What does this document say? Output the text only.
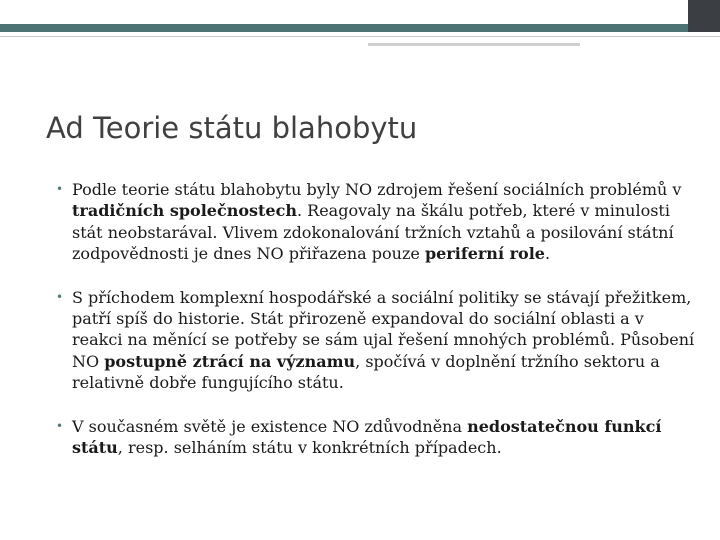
Ad Teorie státu blahobytu
• Podle teorie státu blahobytu byly NO zdrojem řešení sociálních problémů v tradičních společnostech. Reagovaly na škálu potřeb, které v minulosti stát neobstarával. Vlivem zdokonalování tržních vztahů a posilování státní zodpovědnosti je dnes NO přiřazena pouze periferní role.
• S příchodem komplexní hospodářské a sociální politiky se stávají přežitkem, patří spíš do historie. Stát přirozeně expandoval do sociální oblasti a v reakci na měnící se potřeby se sám ujal řešení mnohých problémů. Působení NO postupně ztrácí na významu, spočívá v doplnění tržního sektoru a relativně dobře fungujícího státu.
• V současném světě je existence NO zdůvodněna nedostatečnou funkcí státu, resp. selháním státu v konkrétních případech.
